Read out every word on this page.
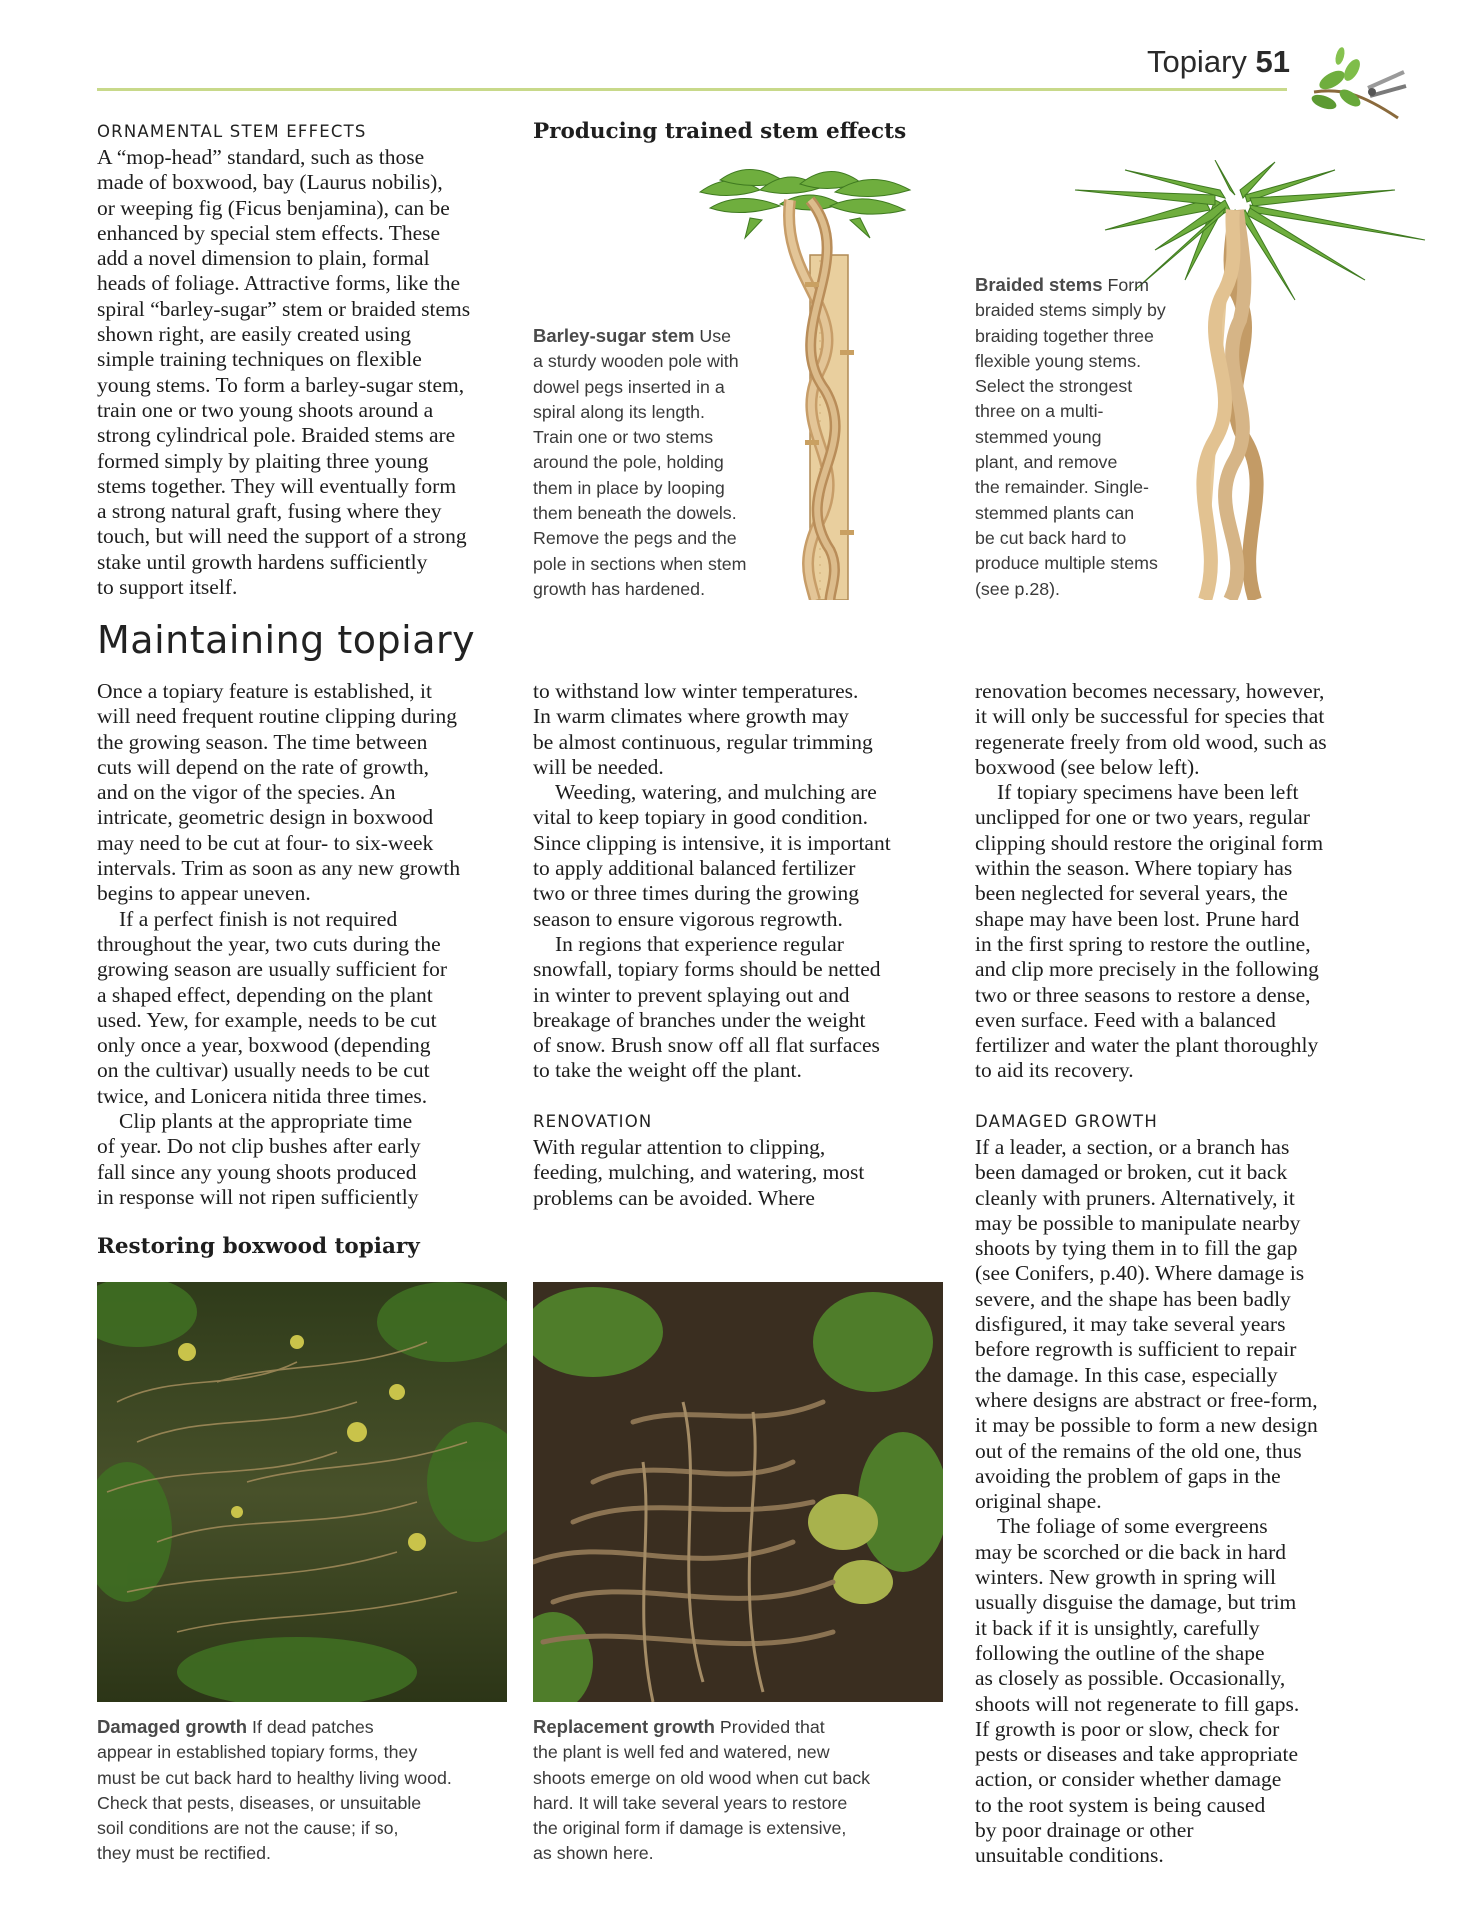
Topiary 51
ORNAMENTAL STEM EFFECTS
A “mop-head” standard, such as those
made of boxwood, bay (Laurus nobilis),
or weeping fig (Ficus benjamina), can be
enhanced by special stem effects. These
add a novel dimension to plain, formal
heads of foliage. Attractive forms, like the
spiral “barley-sugar” stem or braided stems
shown right, are easily created using
simple training techniques on flexible
young stems. To form a barley-sugar stem,
train one or two young shoots around a
strong cylindrical pole. Braided stems are
formed simply by plaiting three young
stems together. They will eventually form
a strong natural graft, fusing where they
touch, but will need the support of a strong
stake until growth hardens sufficiently
to support itself.
Producing trained stem effects
Barley-sugar stem Use
a sturdy wooden pole with
dowel pegs inserted in a
spiral along its length.
Train one or two stems
around the pole, holding
them in place by looping
them beneath the dowels.
Remove the pegs and the
pole in sections when stem
growth has hardened.
Braided stems Form
braided stems simply by
braiding together three
flexible young stems.
Select the strongest
three on a multi-
stemmed young
plant, and remove
the remainder. Single-
stemmed plants can
be cut back hard to
produce multiple stems
(see p.28).
Maintaining topiary

Once a topiary feature is established, it
will need frequent routine clipping during
the growing season. The time between
cuts will depend on the rate of growth,
and on the vigor of the species. An
intricate, geometric design in boxwood
may need to be cut at four- to six-week
intervals. Trim as soon as any new growth
begins to appear uneven.

If a perfect finish is not required
throughout the year, two cuts during the
growing season are usually sufficient for
a shaped effect, depending on the plant
used. Yew, for example, needs to be cut
only once a year, boxwood (depending
on the cultivar) usually needs to be cut
twice, and Lonicera nitida three times.

Clip plants at the appropriate time
of year. Do not clip bushes after early
fall since any young shoots produced
in response will not ripen sufficiently

to withstand low winter temperatures.
In warm climates where growth may
be almost continuous, regular trimming
will be needed.

Weeding, watering, and mulching are
vital to keep topiary in good condition.
Since clipping is intensive, it is important
to apply additional balanced fertilizer
two or three times during the growing
season to ensure vigorous regrowth.

In regions that experience regular
snowfall, topiary forms should be netted
in winter to prevent splaying out and
breakage of branches under the weight
of snow. Brush snow off all flat surfaces
to take the weight off the plant.

RENOVATION
With regular attention to clipping,
feeding, mulching, and watering, most
problems can be avoided. Where

renovation becomes necessary, however,
it will only be successful for species that
regenerate freely from old wood, such as
boxwood (see below left).

If topiary specimens have been left
unclipped for one or two years, regular
clipping should restore the original form
within the season. Where topiary has
been neglected for several years, the
shape may have been lost. Prune hard
in the first spring to restore the outline,
and clip more precisely in the following
two or three seasons to restore a dense,
even surface. Feed with a balanced
fertilizer and water the plant thoroughly
to aid its recovery.

DAMAGED GROWTH

If a leader, a section, or a branch has
been damaged or broken, cut it back
cleanly with pruners. Alternatively, it
may be possible to manipulate nearby
shoots by tying them in to fill the gap
(see Conifers, p.40). Where damage is
severe, and the shape has been badly
disfigured, it may take several years
before regrowth is sufficient to repair
the damage. In this case, especially
where designs are abstract or free-form,
it may be possible to form a new design
out of the remains of the old one, thus
avoiding the problem of gaps in the
original shape.

The foliage of some evergreens
may be scorched or die back in hard
winters. New growth in spring will
usually disguise the damage, but trim
it back if it is unsightly, carefully
following the outline of the shape
as closely as possible. Occasionally,
shoots will not regenerate to fill gaps.
If growth is poor or slow, check for
pests or diseases and take appropriate
action, or consider whether damage
to the root system is being caused
by poor drainage or other
unsuitable conditions.

Restoring boxwood topiary
Damaged growth If dead patches
appear in established topiary forms, they
must be cut back hard to healthy living wood.
Check that pests, diseases, or unsuitable
soil conditions are not the cause; if so,
they must be rectified.
Replacement growth Provided that
the plant is well fed and watered, new
shoots emerge on old wood when cut back
hard. It will take several years to restore
the original form if damage is extensive,
as shown here.
